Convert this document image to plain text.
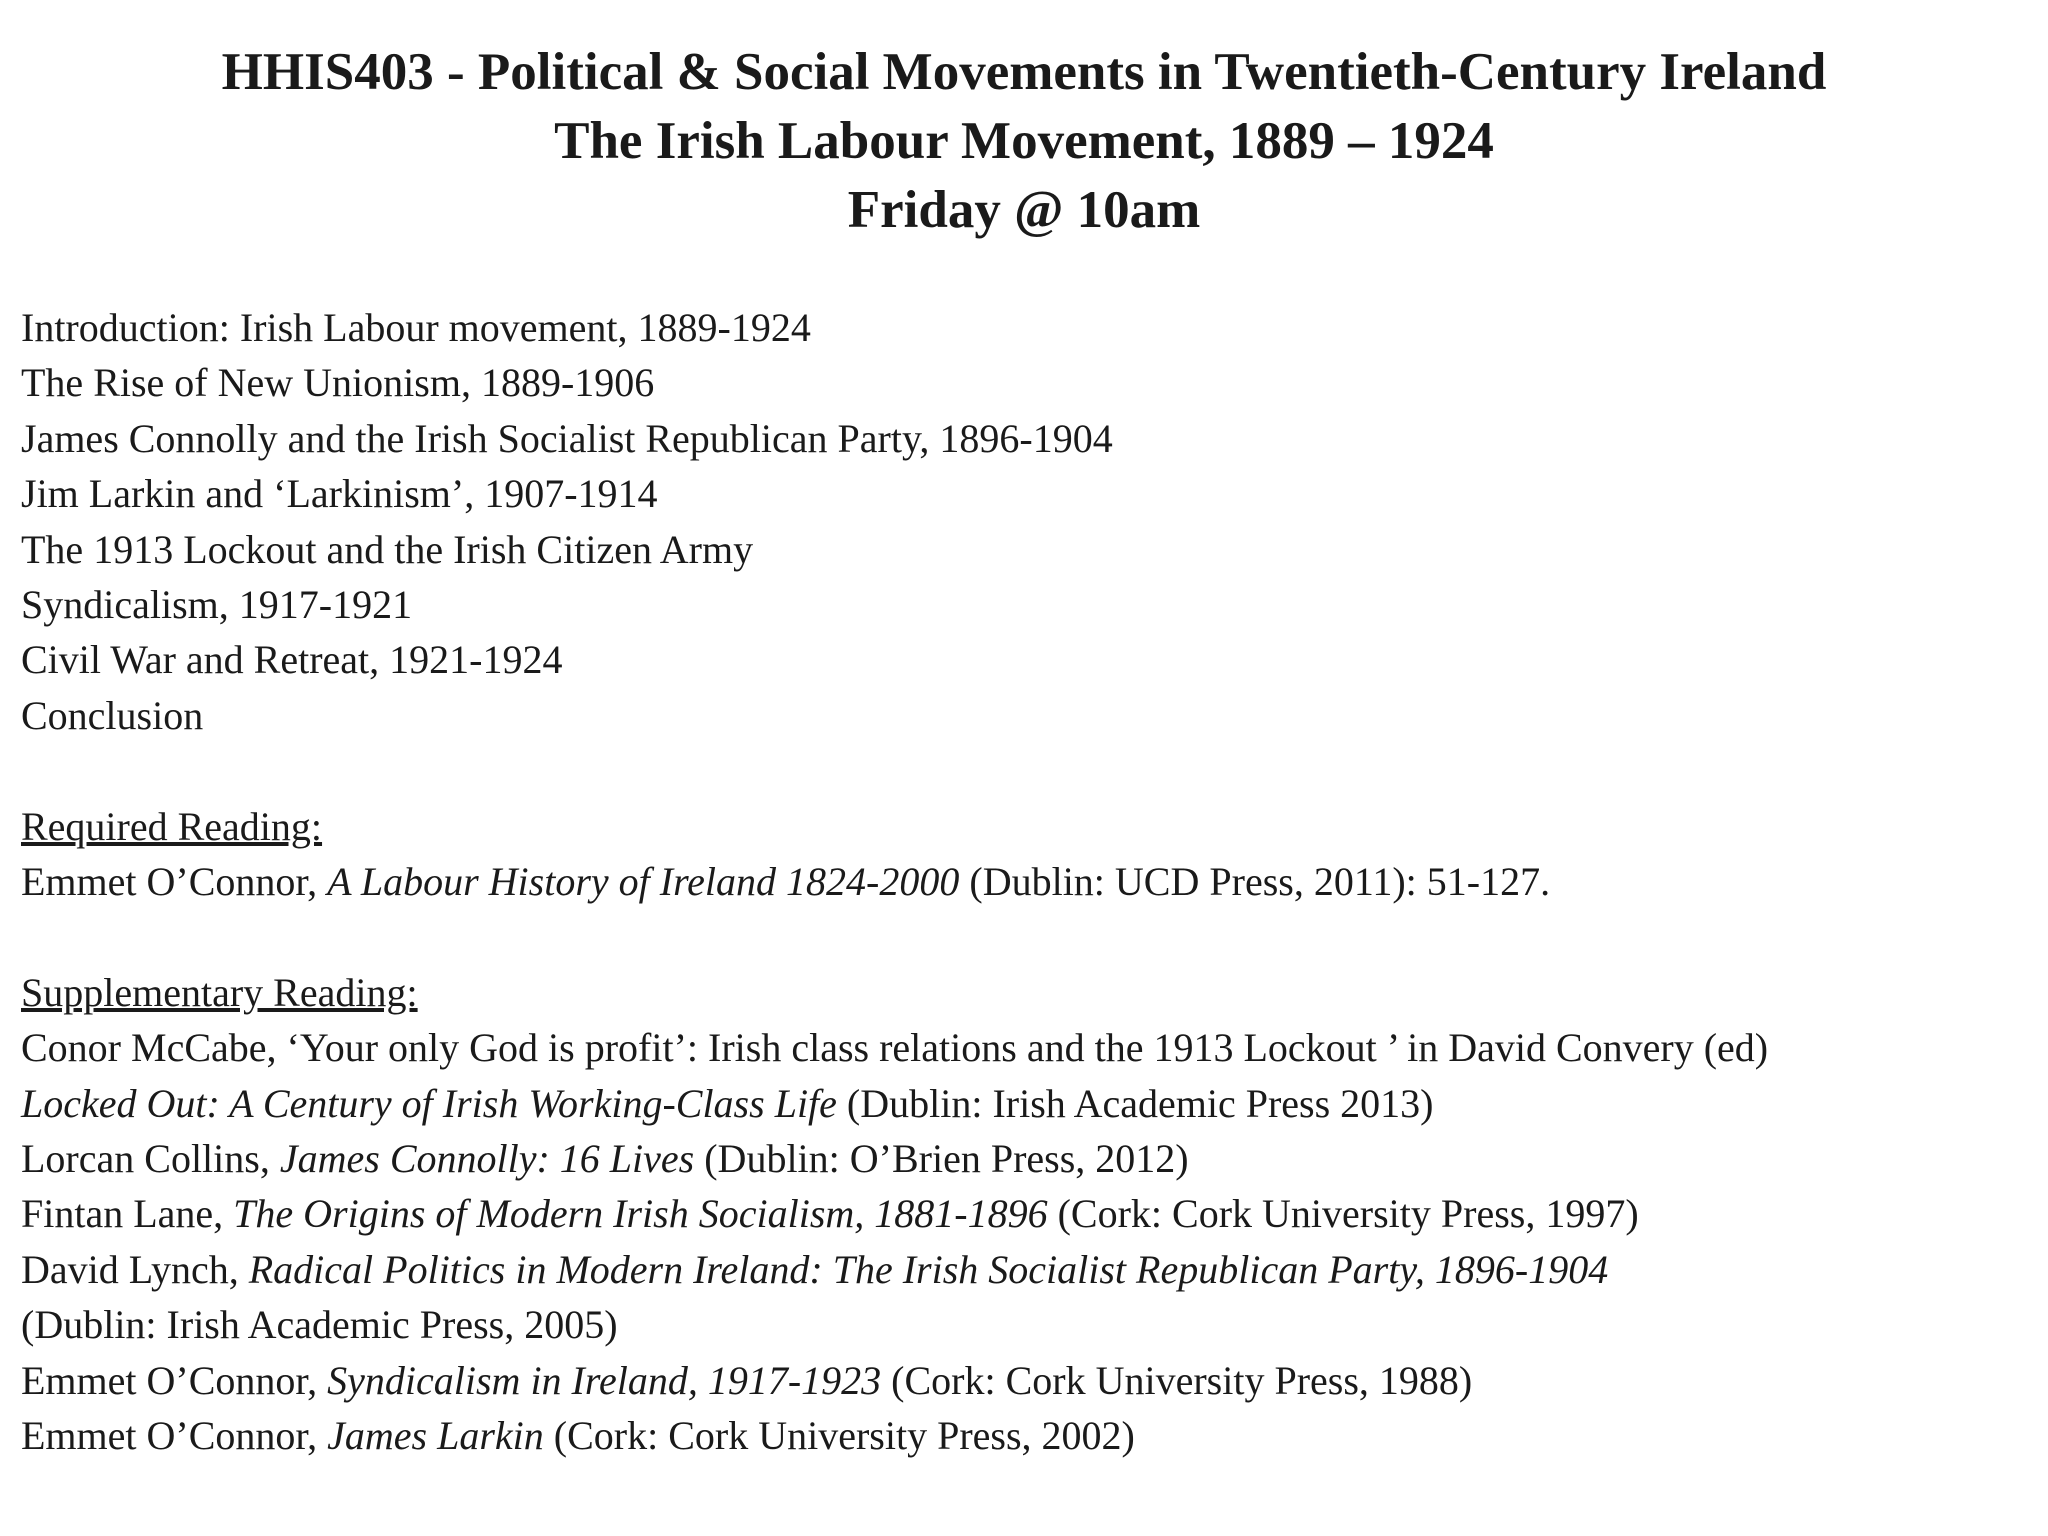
HHIS403 - Political & Social Movements in Twentieth-Century Ireland
The Irish Labour Movement, 1889 – 1924
Friday @ 10am
Introduction: Irish Labour movement, 1889-1924
The Rise of New Unionism, 1889-1906
James Connolly and the Irish Socialist Republican Party, 1896-1904
Jim Larkin and ‘Larkinism’, 1907-1914
The 1913 Lockout and the Irish Citizen Army
Syndicalism, 1917-1921
Civil War and Retreat, 1921-1924
Conclusion
Required Reading:
Emmet O’Connor, A Labour History of Ireland 1824-2000 (Dublin: UCD Press, 2011): 51-127.
Supplementary Reading:
Conor McCabe, ‘Your only God is profit’: Irish class relations and the 1913 Lockout ’ in David Convery (ed)
Locked Out: A Century of Irish Working-Class Life (Dublin: Irish Academic Press 2013)
Lorcan Collins, James Connolly: 16 Lives (Dublin: O’Brien Press, 2012)
Fintan Lane, The Origins of Modern Irish Socialism, 1881-1896 (Cork: Cork University Press, 1997)
David Lynch, Radical Politics in Modern Ireland: The Irish Socialist Republican Party, 1896-1904
(Dublin: Irish Academic Press, 2005)
Emmet O’Connor, Syndicalism in Ireland, 1917-1923 (Cork: Cork University Press, 1988)
Emmet O’Connor, James Larkin (Cork: Cork University Press, 2002)
